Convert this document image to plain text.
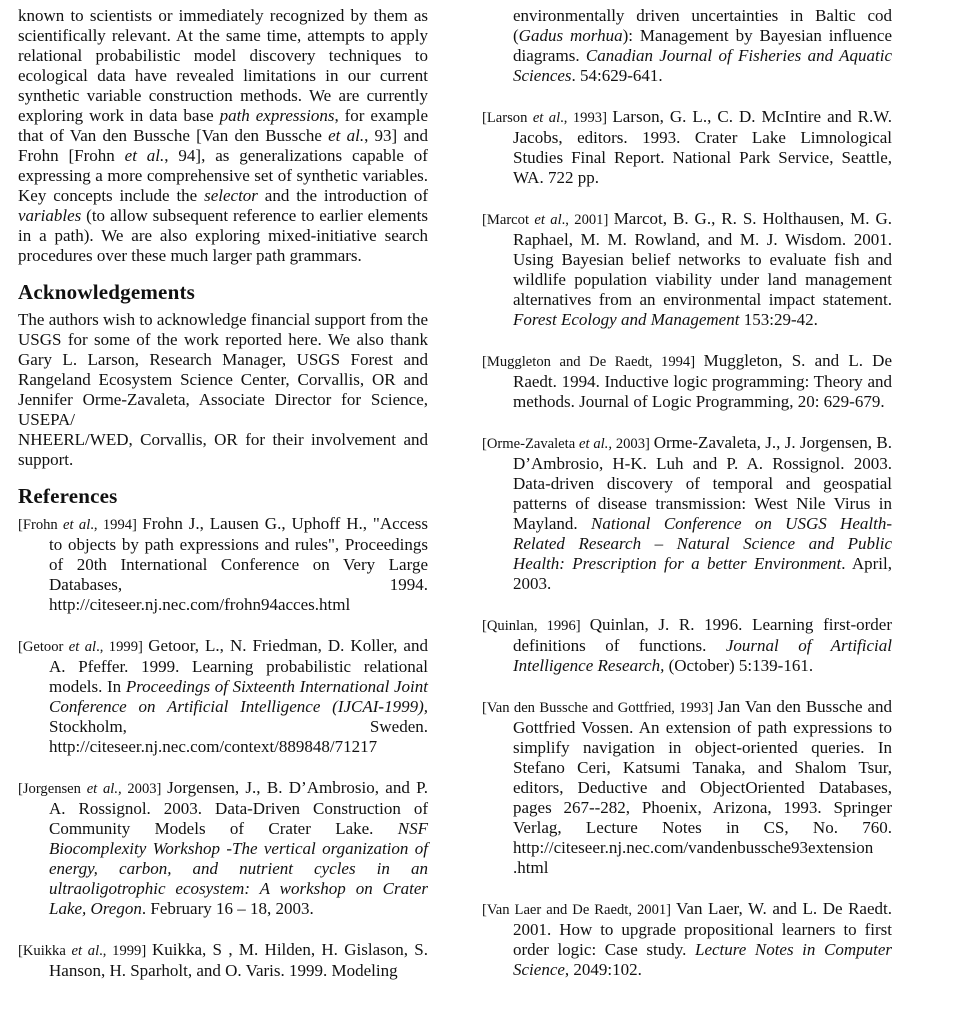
known to scientists or immediately recognized by them as scientifically relevant. At the same time, attempts to apply relational probabilistic model discovery techniques to ecological data have revealed limitations in our current synthetic variable construction methods. We are currently exploring work in data base path expressions, for example that of Van den Bussche [Van den Bussche et al., 93] and Frohn [Frohn et al., 94], as generalizations capable of expressing a more comprehensive set of synthetic variables. Key concepts include the selector and the introduction of variables (to allow subsequent reference to earlier elements in a path). We are also exploring mixed-initiative search procedures over these much larger path grammars.

Acknowledgements

The authors wish to acknowledge financial support from the USGS for some of the work reported here. We also thank Gary L. Larson, Research Manager, USGS Forest and Rangeland Ecosystem Science Center, Corvallis, OR and Jennifer Orme-Zavaleta, Associate Director for Science, USEPA/

NHEERL/WED, Corvallis, OR for their involvement and support.

References

[Frohn et al., 1994] Frohn J., Lausen G., Uphoff H., "Access to objects by path expressions and rules", Proceedings of 20th International Conference on Very Large Databases, 1994. http://citeseer.nj.nec.com/frohn94acces.html

[Getoor et al., 1999] Getoor, L., N. Friedman, D. Koller, and A. Pfeffer. 1999. Learning probabilistic relational models. In Proceedings of Sixteenth International Joint Conference on Artificial Intelligence (IJCAI-1999), Stockholm, Sweden. http://citeseer.nj.nec.com/context/889848/71217

[Jorgensen et al., 2003] Jorgensen, J., B. D’Ambrosio, and P. A. Rossignol. 2003. Data-Driven Construction of Community Models of Crater Lake. NSF Biocomplexity Workshop -The vertical organization of energy, carbon, and nutrient cycles in an ultraoligotrophic ecosystem: A workshop on Crater Lake, Oregon. February 16 – 18, 2003.

[Kuikka et al., 1999] Kuikka, S , M. Hilden, H. Gislason, S. Hanson, H. Sparholt, and O. Varis. 1999. Modeling

environmentally driven uncertainties in Baltic cod (Gadus morhua): Management by Bayesian influence diagrams. Canadian Journal of Fisheries and Aquatic Sciences. 54:629-641.

[Larson et al., 1993] Larson, G. L., C. D. McIntire and R.W. Jacobs, editors. 1993. Crater Lake Limnological Studies Final Report. National Park Service, Seattle, WA. 722 pp.

[Marcot et al., 2001] Marcot, B. G., R. S. Holthausen, M. G. Raphael, M. M. Rowland, and M. J. Wisdom. 2001. Using Bayesian belief networks to evaluate fish and wildlife population viability under land management alternatives from an environmental impact statement. Forest Ecology and Management 153:29-42.

[Muggleton and De Raedt, 1994] Muggleton, S. and L. De Raedt. 1994. Inductive logic programming: Theory and methods. Journal of Logic Programming, 20: 629-679.

[Orme-Zavaleta et al., 2003] Orme-Zavaleta, J., J. Jorgensen, B. D’Ambrosio, H-K. Luh and P. A. Rossignol. 2003. Data-driven discovery of temporal and geospatial patterns of disease transmission: West Nile Virus in Mayland. National Conference on USGS Health-Related Research – Natural Science and Public Health: Prescription for a better Environment. April, 2003.

[Quinlan, 1996] Quinlan, J. R. 1996. Learning first-order definitions of functions. Journal of Artificial Intelligence Research, (October) 5:139-161.

[Van den Bussche and Gottfried, 1993] Jan Van den Bussche and Gottfried Vossen. An extension of path expressions to simplify navigation in object-oriented queries. In Stefano Ceri, Katsumi Tanaka, and Shalom Tsur, editors, Deductive and ObjectOriented Databases, pages 267--282, Phoenix, Arizona, 1993. Springer Verlag, Lecture Notes in CS, No. 760. http://citeseer.nj.nec.com/vandenbussche93extension .html

[Van Laer and De Raedt, 2001] Van Laer, W. and L. De Raedt. 2001. How to upgrade propositional learners to first order logic: Case study. Lecture Notes in Computer Science, 2049:102.
